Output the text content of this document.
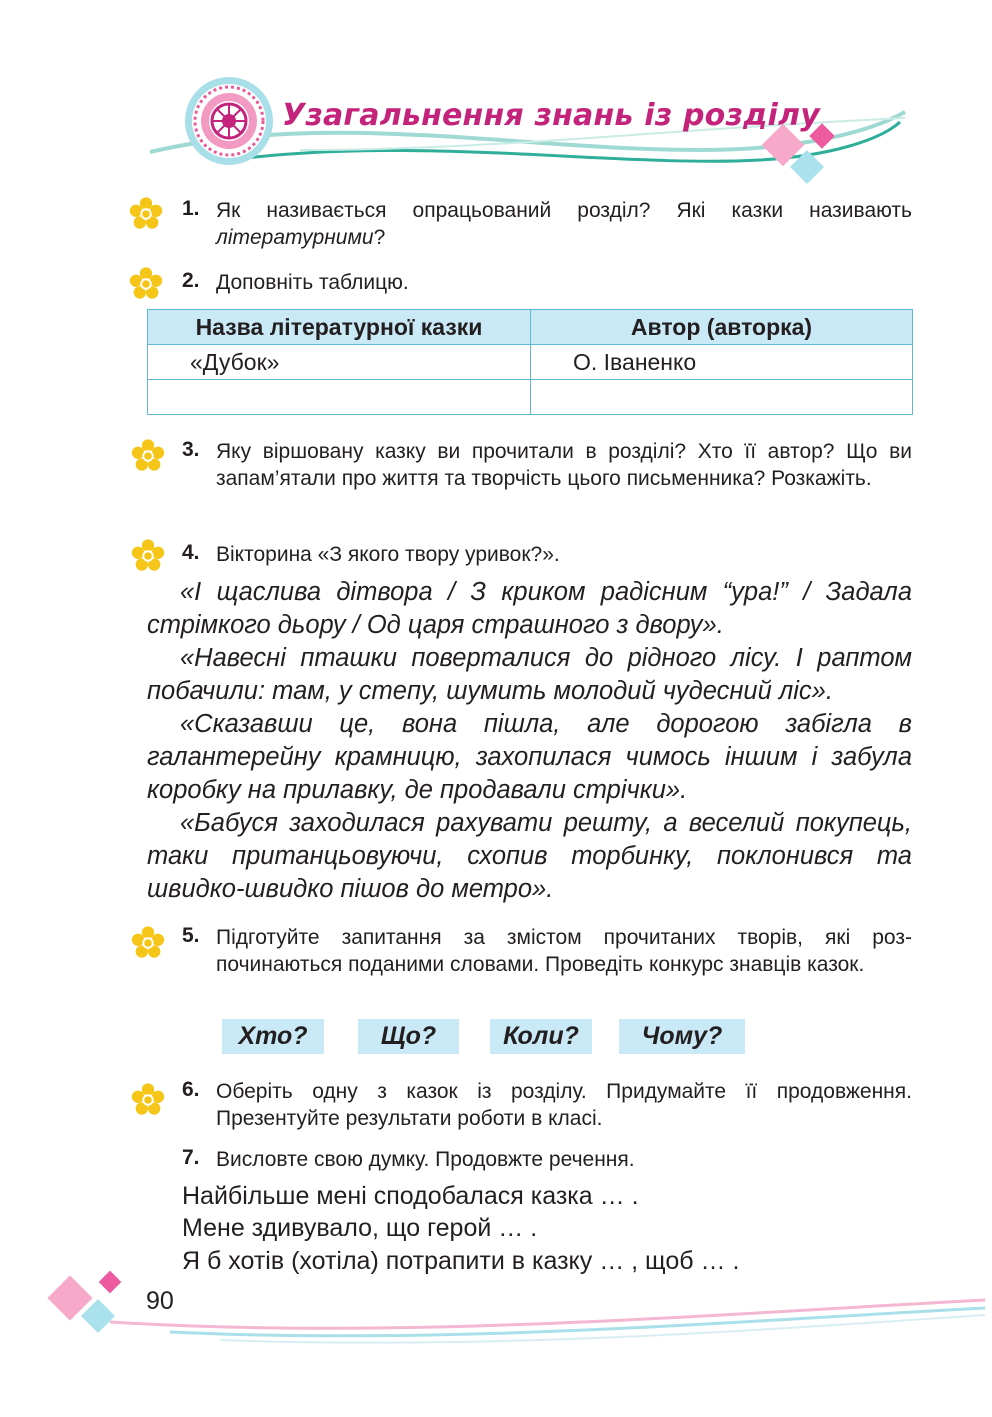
Узагальнення знань із розділу
1. Як називається опрацьований розділ? Які казки називають літературними?
2. Доповніть таблицю.
Назва літературної казки	Автор (авторка)
«Дубок»	О. Іваненко

3. Яку віршовану казку ви прочитали в розділі? Хто її автор? Що ви запам’ятали про життя та творчість цього письменника? Розкажіть.
4. Вікторина «З якого твору уривок?».
«І щаслива дітвора / З криком радісним “ура!” / Задала стрімкого дьору / Од царя страшного з двору».
«Навесні пташки поверталися до рідного лісу. І раптом побачили: там, у степу, шумить молодий чудесний ліс».
«Сказавши це, вона пішла, але дорогою забігла в галантерейну крамницю, захопилася чимось іншим і забула коробку на прилавку, де продавали стрічки».
«Бабуся заходилася рахувати решту, а веселий покупець, таки пританцьовуючи, схопив торбинку, поклонився та швидко-швидко пішов до метро».
5. Підготуйте запитання за змістом прочитаних творів, які розпочинаються поданими словами. Проведіть конкурс знавців казок.
Хто?	Що?	Коли?	Чому?
6. Оберіть одну з казок із розділу. Придумайте її продовження. Презентуйте результати роботи в класі.
7. Висловте свою думку. Продовжте речення.
Найбільше мені сподобалася казка … .
Мене здивувало, що герой … .
Я б хотів (хотіла) потрапити в казку … , щоб … .
90
